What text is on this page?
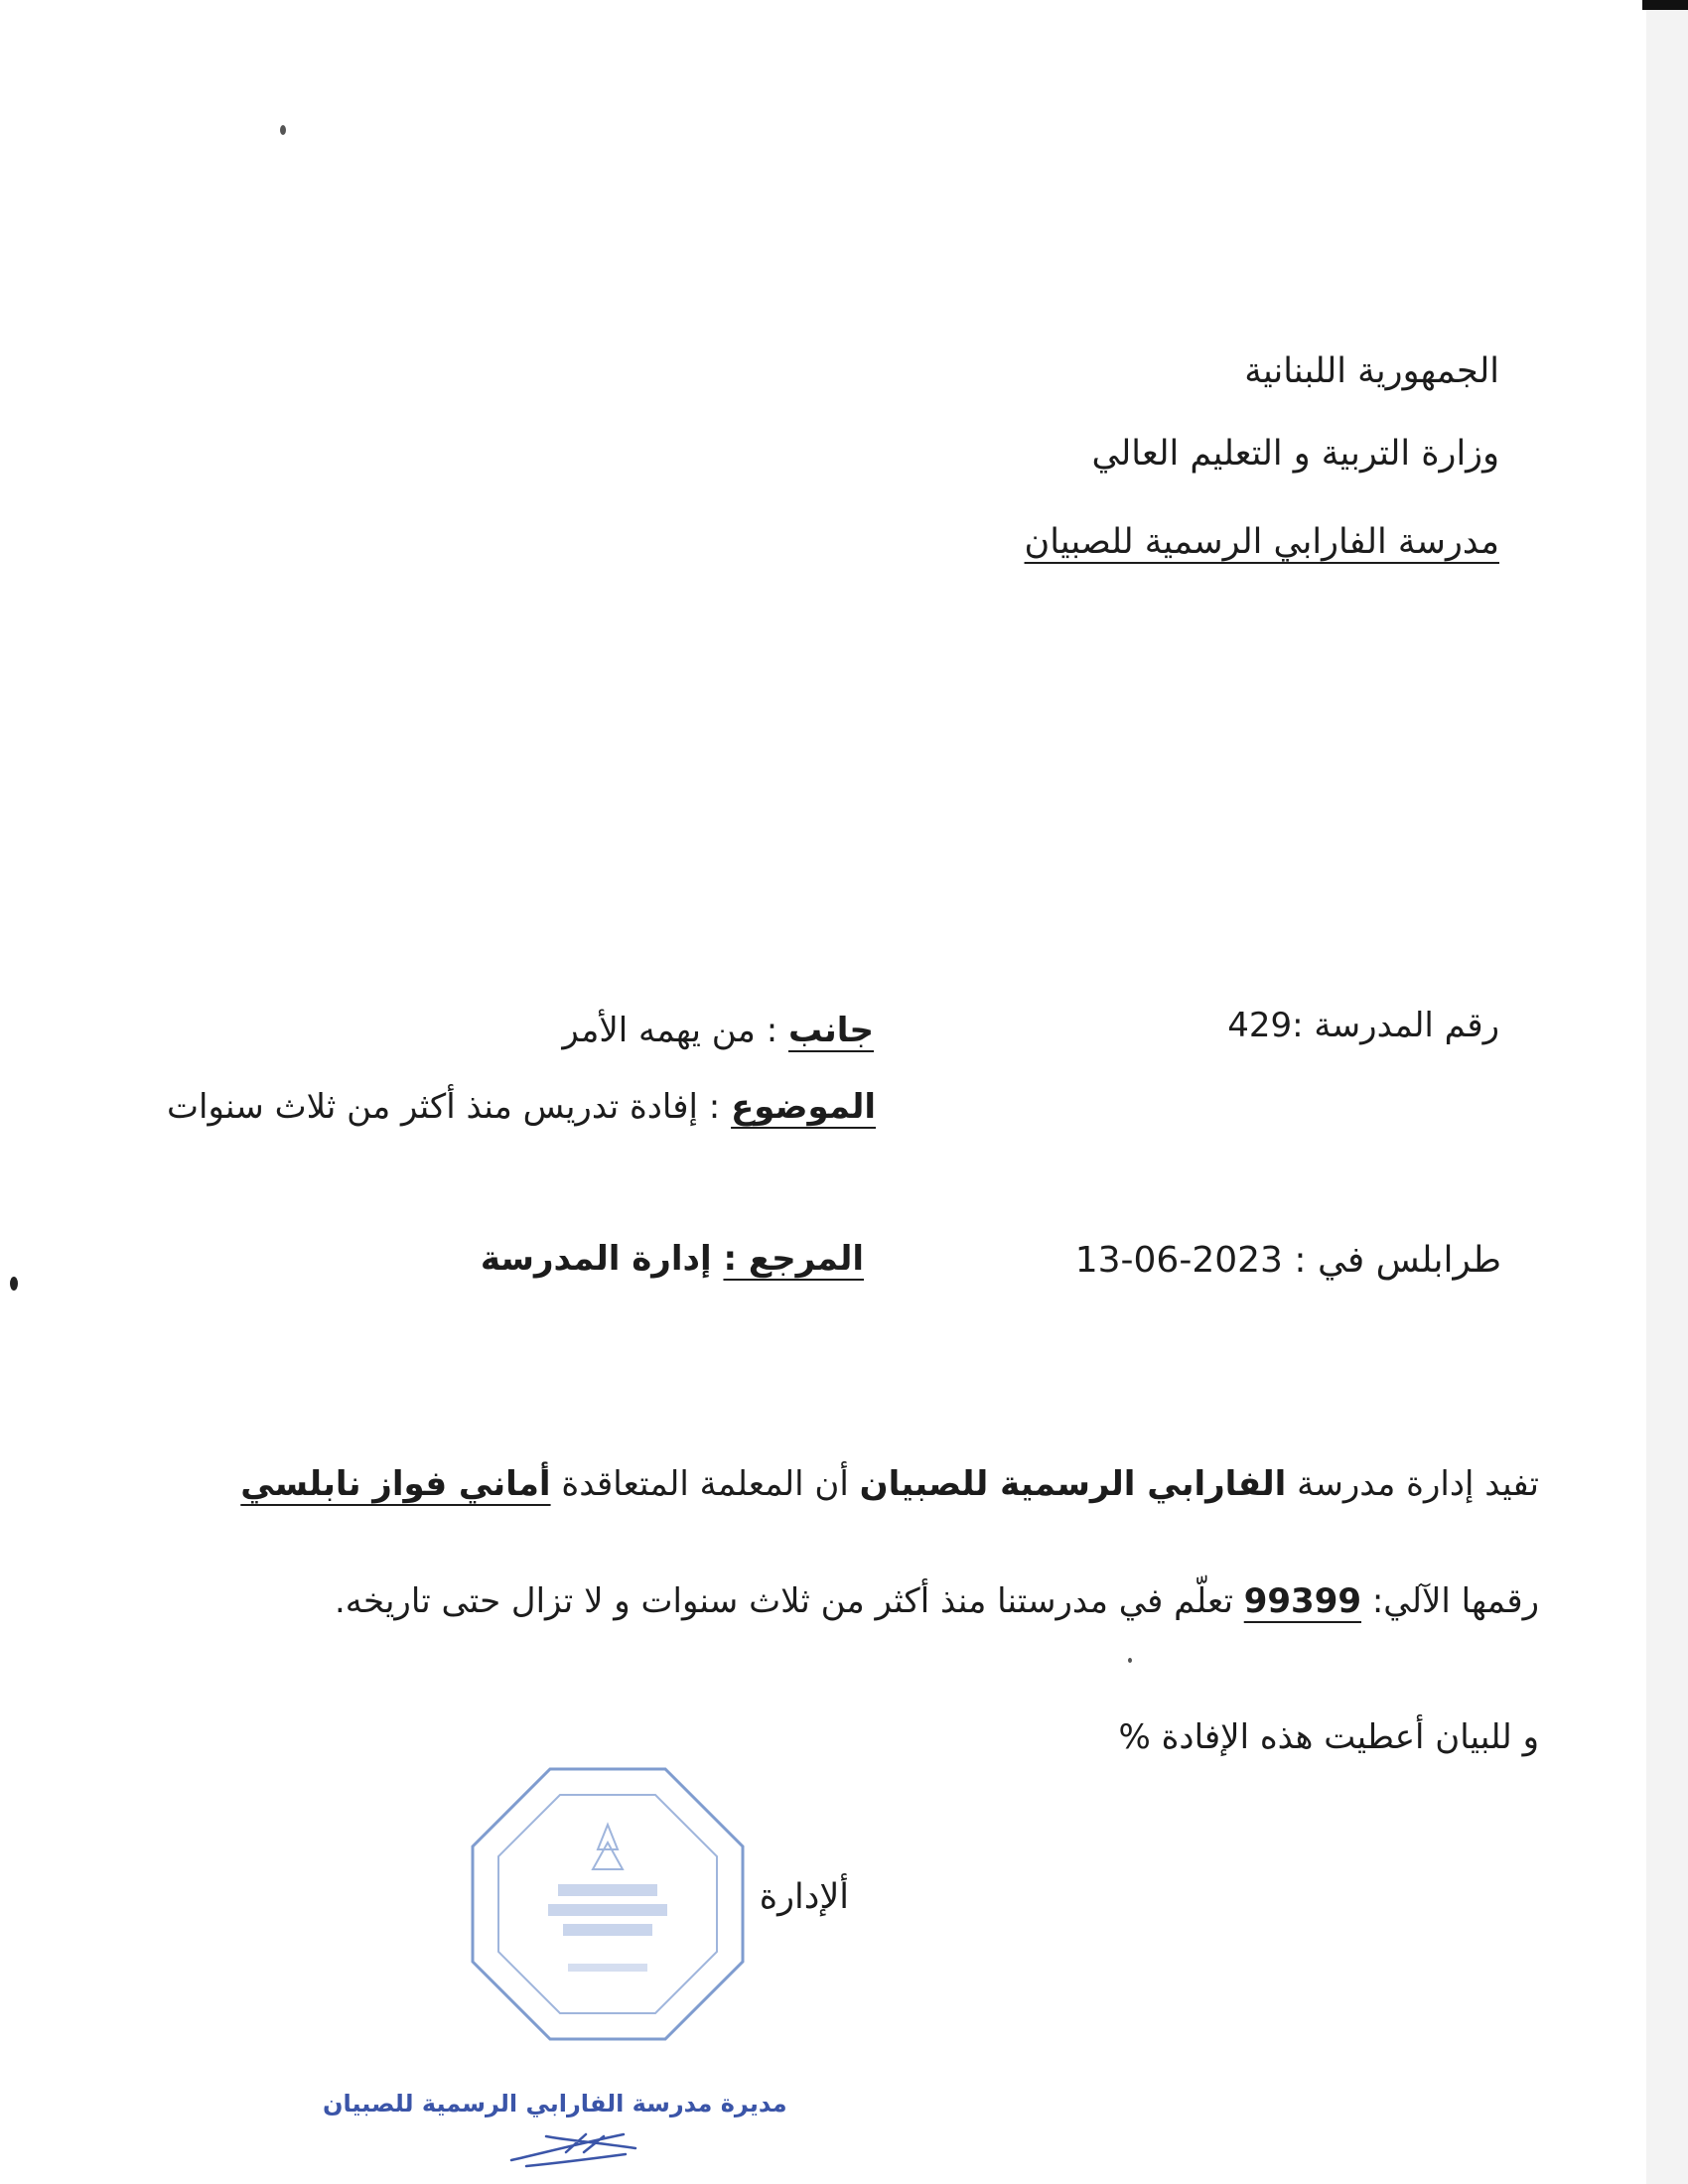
الجمهورية اللبنانية
وزارة التربية و التعليم العالي
مدرسة الفارابي الرسمية للصبيان
رقم المدرسة :429
جانب : من يهمه الأمر
الموضوع : إفادة تدريس منذ أكثر من ثلاث سنوات
طرابلس في : 2023-06-13
المرجع : إدارة المدرسة
تفيد إدارة مدرسة الفارابي الرسمية للصبيان أن المعلمة المتعاقدة أماني فواز نابلسي
رقمها الآلي: 99399 تعلّم في مدرستنا منذ أكثر من ثلاث سنوات و لا تزال حتى تاريخه.
و للبيان أعطيت هذه الإفادة %
ألإدارة
مديرة مدرسة الفارابي الرسمية للصبيان
